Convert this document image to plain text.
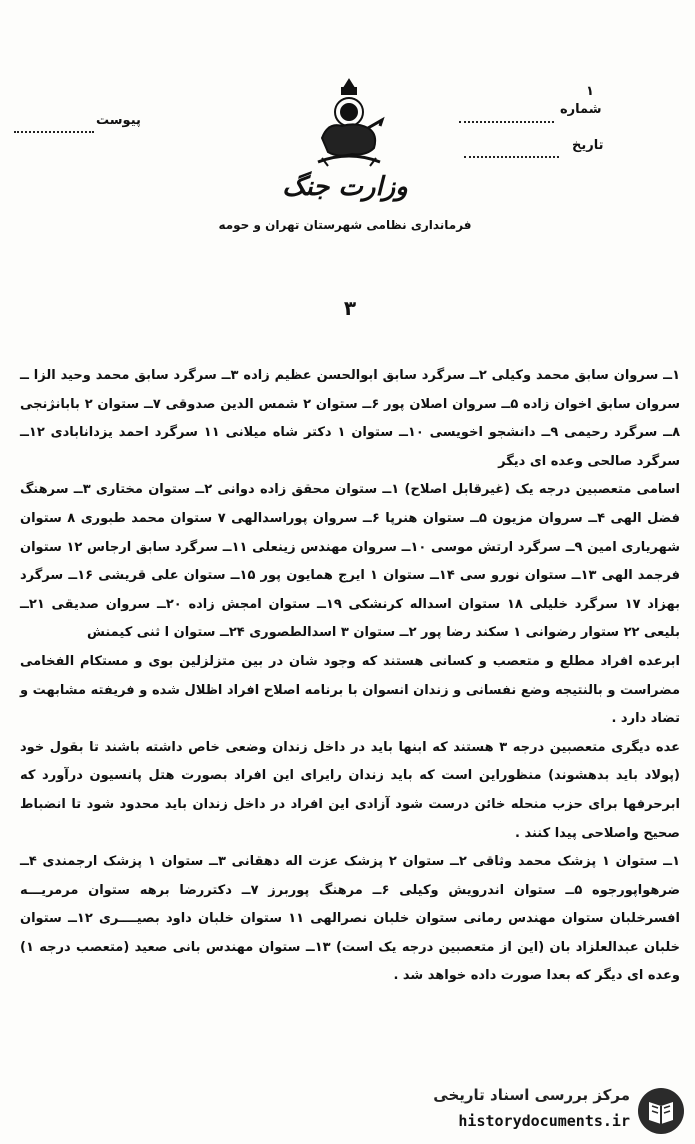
۱
شماره
تاریخ
پیوست
وزارت جنگ
فرمانداری نظامی شهرستان تهران و حومه
۳

۱ــ سروان سابق محمد وکیلی ۲ــ سرگرد سابق ابوالحسن عظیم زاده ۳ــ سرگرد سابق محمد وحید الزا ــ سروان سابق اخوان زاده ۵ــ سروان اصلان پور ۶ــ ستوان ۲ شمس الدین صدوقی ۷ــ ستوان ۲ بابانژنجی ۸ــ سرگرد رحیمی ۹ــ دانشجو اخویسی ۱۰ــ ستوان ۱ دکتر شاه میلانی ۱۱ سرگرد احمد یزدانابادی ۱۲ــ سرگرد صالحی وعده ای دیگر

اسامی متعصبین درجه یک (غیرقابل اصلاح) ۱ــ ستوان محقق زاده دوانی ۲ــ ستوان مختاری ۳ــ سرهنگ فضل الهی ۴ــ سروان مزیون ۵ــ ستوان هنرپا ۶ــ سروان پوراسدالهی ۷ ستوان محمد طبوری ۸ ستوان شهریاری امین ۹ــ سرگرد ارتش موسی ۱۰ــ سروان مهندس زینعلی ۱۱ــ سرگرد سابق ارجاس ۱۲ ستوان فرجمد الهی ۱۳ــ ستوان نورو سی ۱۴ــ ستوان ۱ ایرج همایون پور ۱۵ــ ستوان علی قریشی ۱۶ــ سرگرد بهزاد ۱۷ سرگرد خلیلی ۱۸ ستوان اسداله کرنشکی ۱۹ــ ستوان امجش زاده ۲۰ــ سروان صدیقی ۲۱ــ بلیعی ۲۲ ستوار رضوانی ۱ سکند رضا پور ۲ــ ستوان ۳ اسدالطصوری ۲۴ــ ستوان ا ثنی کیمنش

ابرعده افراد مطلع و متعصب و کسانی هستند که وجود شان در بین متزلزلین بوی و مستکام الفخامی مضراست و بالنتیجه وضع نفسانی و زندان انسوان با برنامه اصلاح افراد اظلال شده و فریفته مشابهت و تضاد دارد .

عده دیگری متعصبین درجه ۳ هستند که ابنها باید در داخل زندان وضعی خاص داشته باشند تا بقول خود (پولاد باید بدهشوند) منظوراین است که باید زندان رایرای این افراد بصورت هتل پانسیون درآورد که ابرحرفها برای حزب منحله خائن درست شود آزادی این افراد در داخل زندان باید محدود شود تا انضباط صحیح واصلاحی پیدا کنند .

۱ــ ستوان ۱ پزشک محمد وثاقی ۲ــ ستوان ۲ پزشک عزت اله دهقانی ۳ــ ستوان ۱ پزشک ارجمندی ۴ــ ضرهواپورجوه ۵ــ ستوان اندرویش وکیلی ۶ــ مرهنگ پوربرز ۷ــ دکتررضا برهه ستوان مرمریـــه افسرخلبان ستوان مهندس رمانی ستوان خلبان نصرالهی ۱۱ ستوان خلبان داود بصیــــری ۱۲ــ ستوان خلبان عبدالعلزاد بان (این از متعصبین درجه یک است) ۱۳ــ ستوان مهندس بانی صعید (متعصب درجه ۱) وعده ای دیگر که بعدا صورت داده خواهد شد .

مرکز بررسی اسناد تاریخی
historydocuments.ir
